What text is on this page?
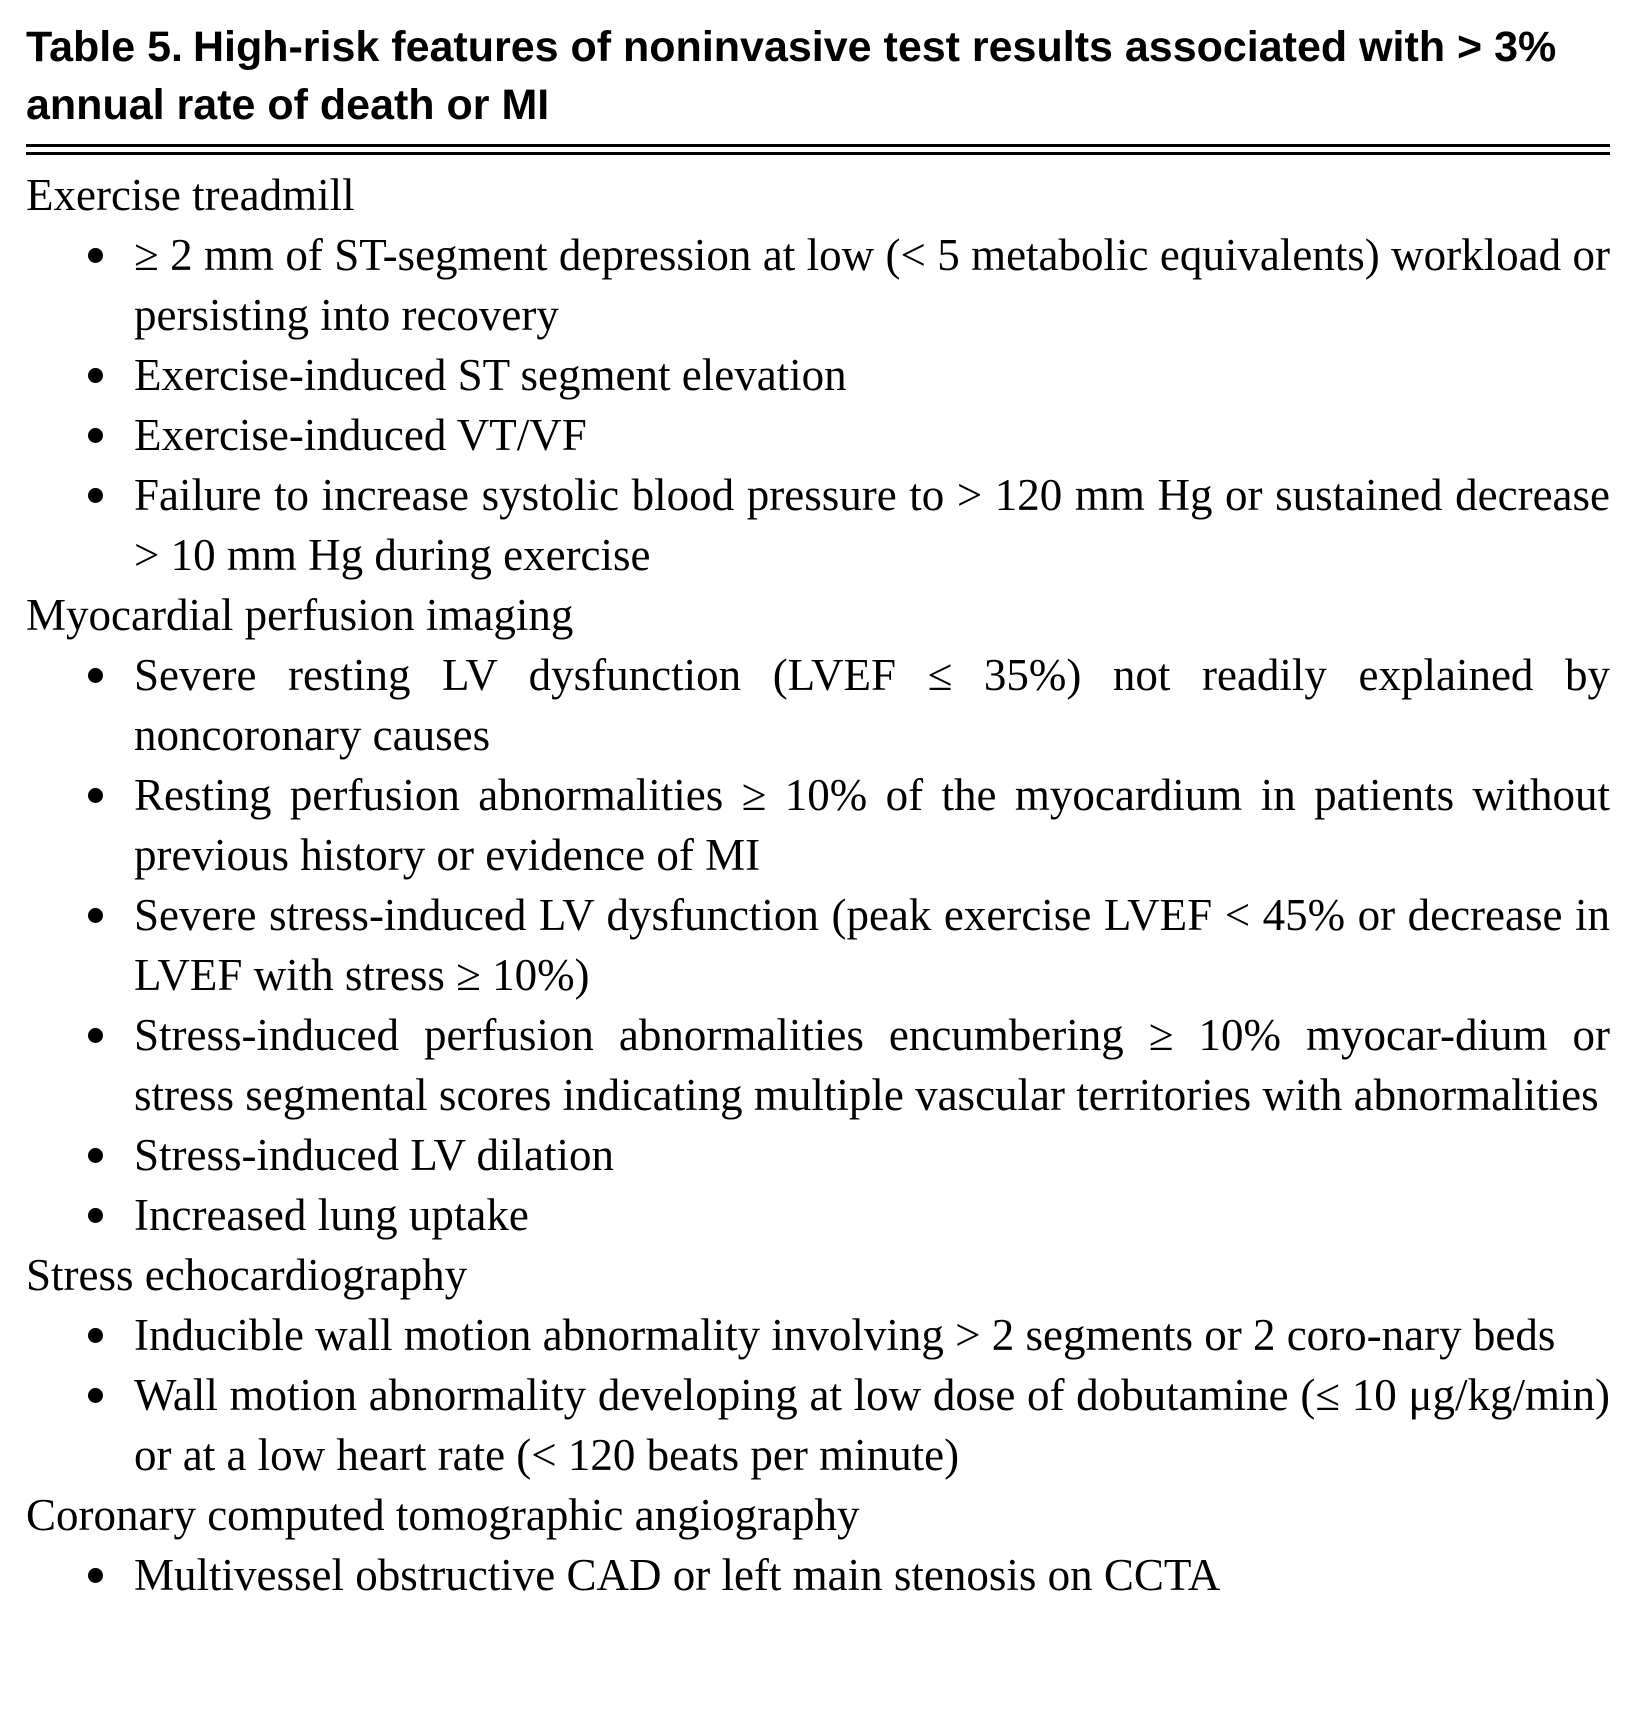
Table 5. High-risk features of noninvasive test results associated with > 3% annual rate of death or MI

Exercise treadmill

≥ 2 mm of ST-segment depression at low (< 5 metabolic equivalents) workload or persisting into recovery
Exercise-induced ST segment elevation
Exercise-induced VT/VF
Failure to increase systolic blood pressure to > 120 mm Hg or sustained decrease > 10 mm Hg during exercise

Myocardial perfusion imaging

Severe resting LV dysfunction (LVEF ≤ 35%) not readily explained by noncoronary causes
Resting perfusion abnormalities ≥ 10% of the myocardium in patients without previous history or evidence of MI
Severe stress-induced LV dysfunction (peak exercise LVEF < 45% or decrease in LVEF with stress ≥ 10%)
Stress-induced perfusion abnormalities encumbering ≥ 10% myocar-dium or stress segmental scores indicating multiple vascular territories with abnormalities
Stress-induced LV dilation
Increased lung uptake

Stress echocardiography

Inducible wall motion abnormality involving > 2 segments or 2 coro-nary beds
Wall motion abnormality developing at low dose of dobutamine (≤ 10 μg/kg/min) or at a low heart rate (< 120 beats per minute)

Coronary computed tomographic angiography

Multivessel obstructive CAD or left main stenosis on CCTA
